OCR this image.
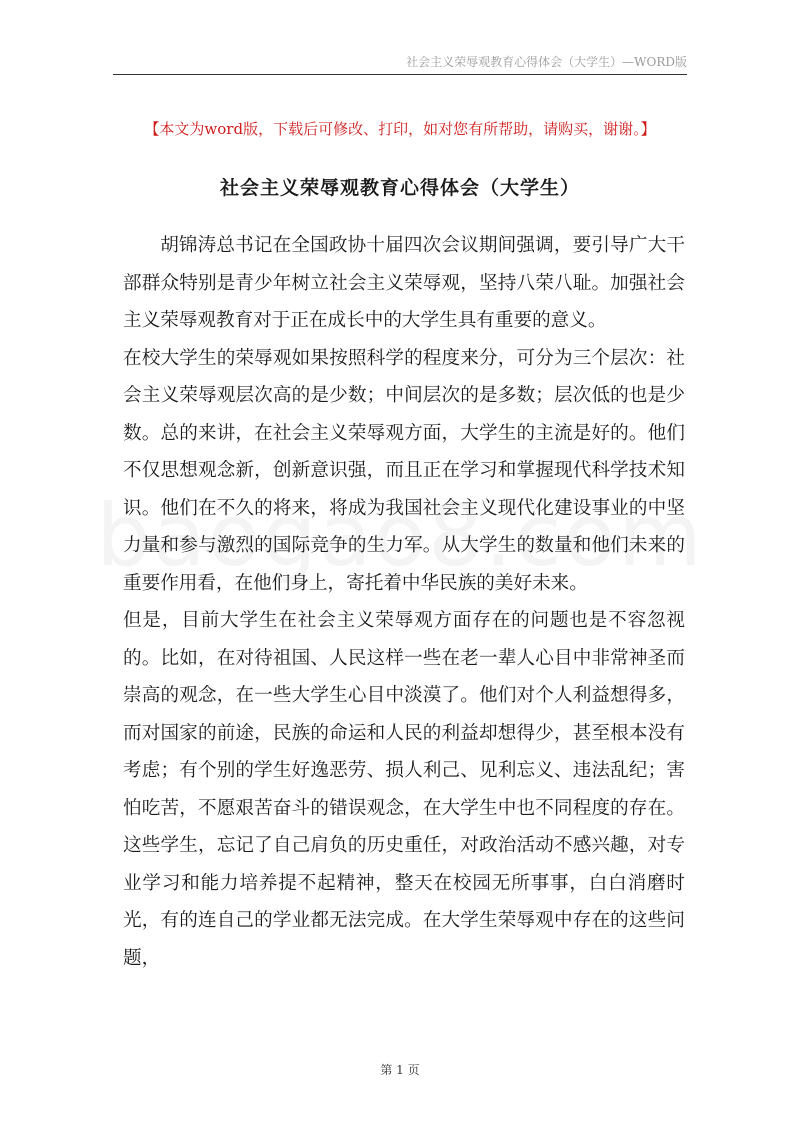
社会主义荣辱观教育心得体会（大学生）—WORD版
【本文为word版，下载后可修改、打印，如对您有所帮助，请购买，谢谢。】
社会主义荣辱观教育心得体会（大学生）

胡锦涛总书记在全国政协十届四次会议期间强调，要引导广大干部群众特别是青少年树立社会主义荣辱观，坚持八荣八耻。加强社会主义荣辱观教育对于正在成长中的大学生具有重要的意义。

在校大学生的荣辱观如果按照科学的程度来分，可分为三个层次：社会主义荣辱观层次高的是少数；中间层次的是多数；层次低的也是少数。总的来讲，在社会主义荣辱观方面，大学生的主流是好的。他们不仅思想观念新，创新意识强，而且正在学习和掌握现代科学技术知识。他们在不久的将来，将成为我国社会主义现代化建设事业的中坚力量和参与激烈的国际竞争的生力军。从大学生的数量和他们未来的重要作用看，在他们身上，寄托着中华民族的美好未来。

但是，目前大学生在社会主义荣辱观方面存在的问题也是不容忽视的。比如，在对待祖国、人民这样一些在老一辈人心目中非常神圣而崇高的观念，在一些大学生心目中淡漠了。他们对个人利益想得多，而对国家的前途，民族的命运和人民的利益却想得少，甚至根本没有考虑；有个别的学生好逸恶劳、损人利己、见利忘义、违法乱纪；害怕吃苦，不愿艰苦奋斗的错误观念，在大学生中也不同程度的存在。这些学生，忘记了自己肩负的历史重任，对政治活动不感兴趣，对专业学习和能力培养提不起精神，整天在校园无所事事，白白消磨时光，有的连自己的学业都无法完成。在大学生荣辱观中存在的这些问题，

第 1 页
